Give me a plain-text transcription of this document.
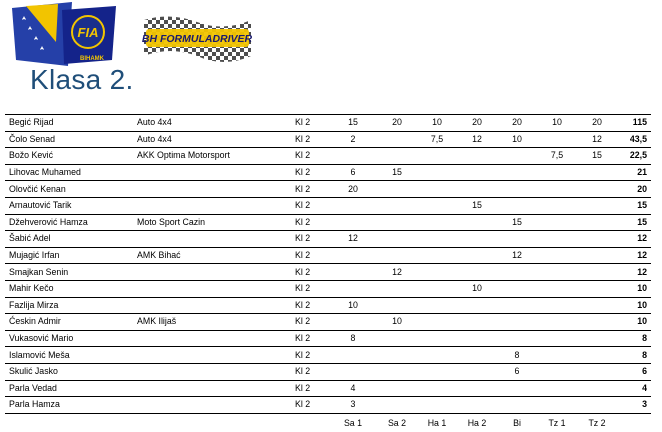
FIA
BIHAMK
BH FORMULADRIVER
Klasa 2.
Begić Rijad	Auto 4x4	Kl 2	15	20	10	20	20	10	20	115
Čolo Senad	Auto 4x4	Kl 2	2		7,5	12	10		12	43,5
Božo Kević	AKK Optima Motorsport	Kl 2						7,5	15	22,5
Lihovac Muhamed		Kl 2	6	15						21
Olovčić Kenan		Kl 2	20							20
Arnautović Tarik		Kl 2				15				15
Džehverović Hamza	Moto Sport Cazin	Kl 2					15			15
Šabić Adel		Kl 2	12							12
Mujagić Irfan	AMK Bihać	Kl 2					12			12
Smajkan Senin		Kl 2		12						12
Mahir Kečo		Kl 2				10				10
Fazlija Mirza		Kl 2	10							10
Ćeskin Admir	AMK Ilijaš	Kl 2		10						10
Vukasović Mario		Kl 2	8							8
Islamović Meša		Kl 2					8			8
Skulić Jasko		Kl 2					6			6
Parla Vedad		Kl 2	4							4
Parla Hamza		Kl 2	3							3
			Sa 1	Sa 2	Ha 1	Ha 2	Bi	Tz 1	Tz 2	
